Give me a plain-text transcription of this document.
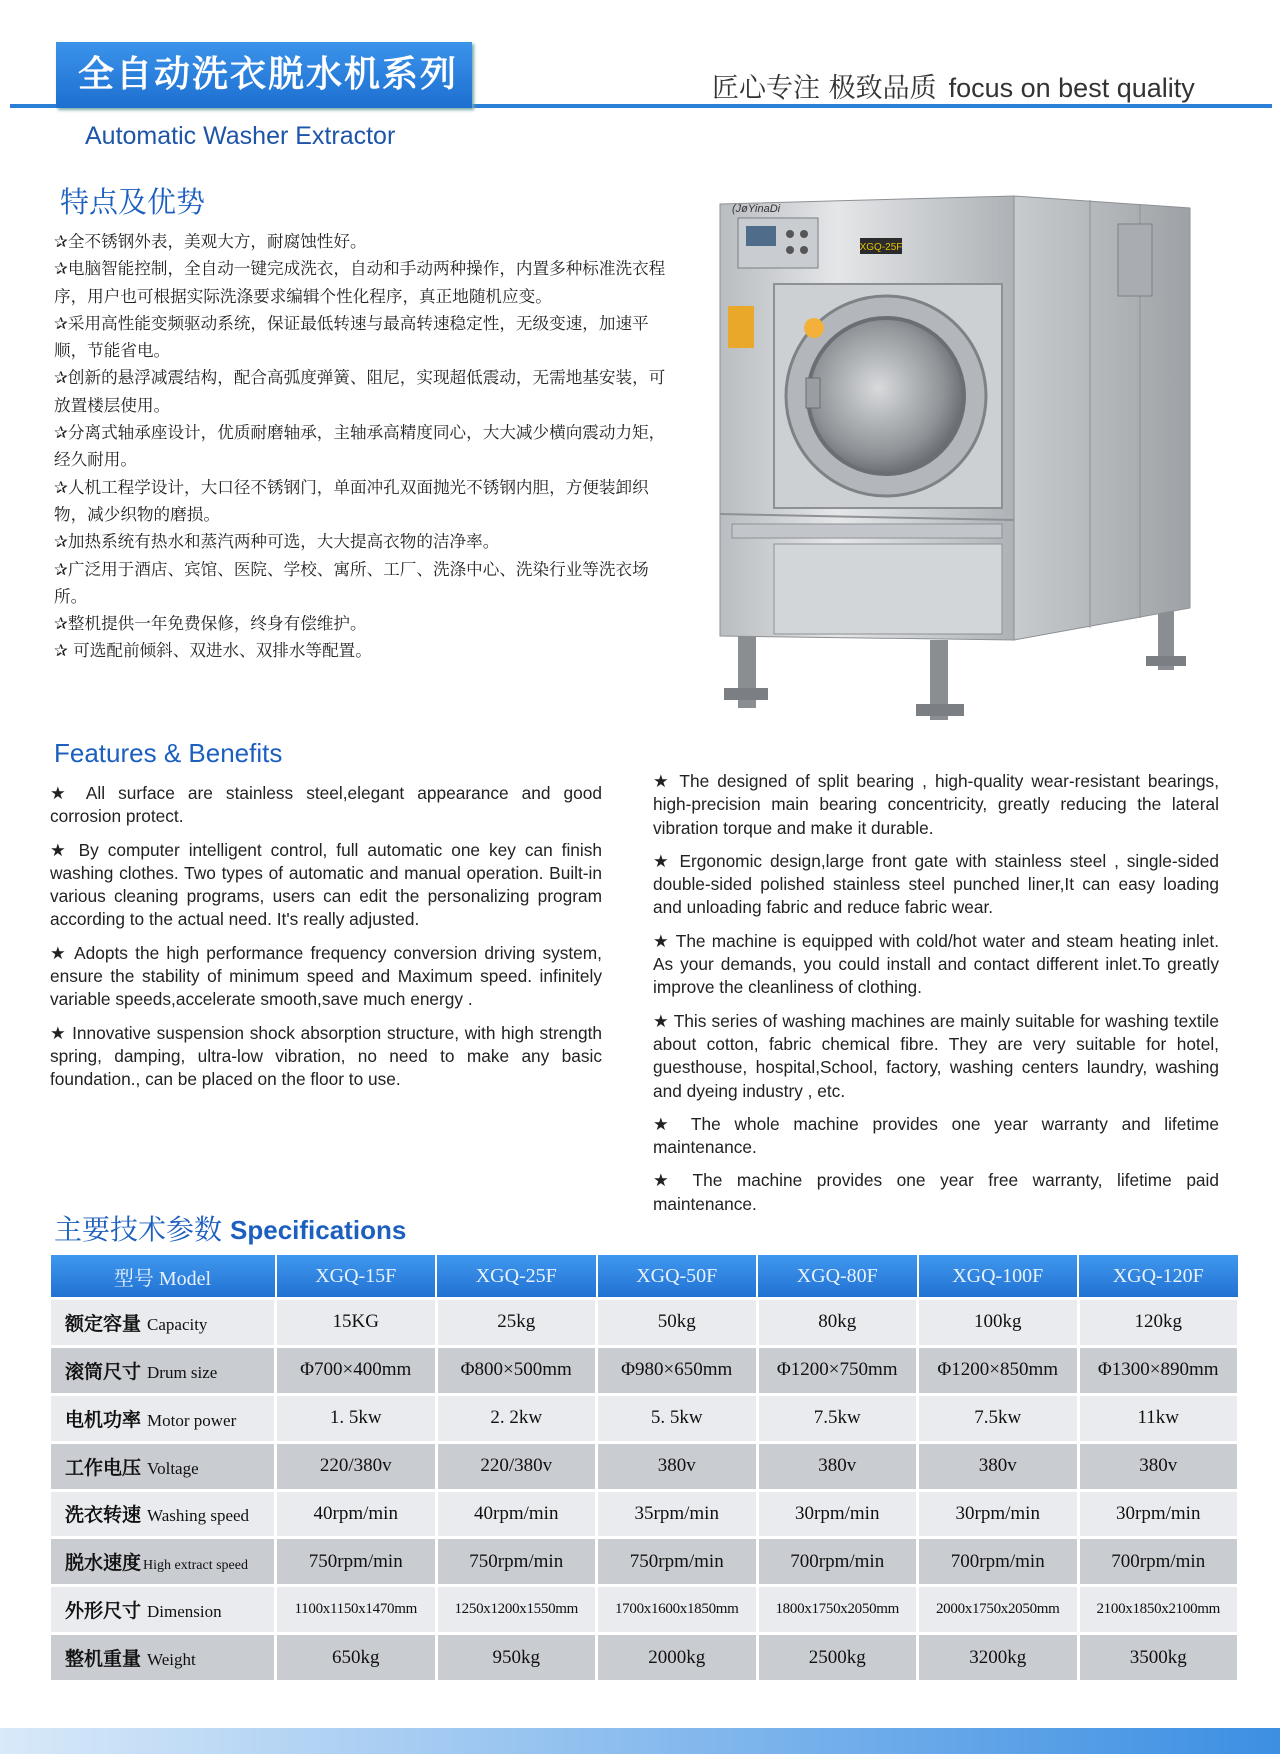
全自动洗衣脱水机系列
Automatic Washer Extractor
匠心专注 极致品质 focus on best quality
特点及优势

✰全不锈钢外表，美观大方，耐腐蚀性好。

✰电脑智能控制，全自动一键完成洗衣，自动和手动两种操作，内置多种标准洗衣程序，用户也可根据实际洗涤要求编辑个性化程序，真正地随机应变。

✰采用高性能变频驱动系统，保证最低转速与最高转速稳定性，无级变速，加速平顺，节能省电。

✰创新的悬浮减震结构，配合高弧度弹簧、阻尼，实现超低震动，无需地基安装，可放置楼层使用。

✰分离式轴承座设计，优质耐磨轴承，主轴承高精度同心，大大减少横向震动力矩，经久耐用。

✰人机工程学设计，大口径不锈钢门，单面冲孔双面抛光不锈钢内胆，方便装卸织物，减少织物的磨损。

✰加热系统有热水和蒸汽两种可选，大大提高衣物的洁净率。

✰广泛用于酒店、宾馆、医院、学校、寓所、工厂、洗涤中心、洗染行业等洗衣场所。

✰整机提供一年免费保修，终身有偿维护。

✰ 可选配前倾斜、双进水、双排水等配置。

XGQ-25F
(JøYinaDi
Features & Benefits

★ All surface are stainless steel,elegant appearance and good corrosion protect.

★ By computer intelligent control, full automatic one key can finish washing clothes. Two types of automatic and manual operation. Built-in various cleaning programs, users can edit the personalizing program according to the actual need. It's really adjusted.

★ Adopts the high performance frequency conversion driving system, ensure the stability of minimum speed and Maximum speed. infinitely variable speeds,accelerate smooth,save much energy .

★ Innovative suspension shock absorption structure, with high strength spring, damping, ultra-low vibration, no need to make any basic foundation., can be placed on the floor to use.

★ The designed of split bearing , high-quality wear-resistant bearings, high-precision main bearing concentricity, greatly reducing the lateral vibration torque and make it durable.

★ Ergonomic design,large front gate with stainless steel , single-sided double-sided polished stainless steel punched liner,It can easy loading and unloading fabric and reduce fabric wear.

★ The machine is equipped with cold/hot water and steam heating inlet. As your demands, you could install and contact different inlet.To greatly improve the cleanliness of clothing.

★ This series of washing machines are mainly suitable for washing textile about cotton, fabric chemical fibre. They are very suitable for hotel, guesthouse, hospital,School, factory, washing centers laundry, washing and dyeing industry , etc.

★ The whole machine provides one year warranty and lifetime maintenance.

★ The machine provides one year free warranty, lifetime paid maintenance.

主要技术参数 Specifications
型号 Model	XGQ-15F	XGQ-25F	XGQ-50F	XGQ-80F	XGQ-100F	XGQ-120F
额定容量 Capacity	15KG	25kg	50kg	80kg	100kg	120kg
滚筒尺寸 Drum size	Φ700×400mm	Φ800×500mm	Φ980×650mm	Φ1200×750mm	Φ1200×850mm	Φ1300×890mm
电机功率 Motor power	1. 5kw	2. 2kw	5. 5kw	7.5kw	7.5kw	11kw
工作电压 Voltage	220/380v	220/380v	380v	380v	380v	380v
洗衣转速 Washing speed	40rpm/min	40rpm/min	35rpm/min	30rpm/min	30rpm/min	30rpm/min
脱水速度 High extract speed	750rpm/min	750rpm/min	750rpm/min	700rpm/min	700rpm/min	700rpm/min
外形尺寸 Dimension	1100x1150x1470mm	1250x1200x1550mm	1700x1600x1850mm	1800x1750x2050mm	2000x1750x2050mm	2100x1850x2100mm
整机重量 Weight	650kg	950kg	2000kg	2500kg	3200kg	3500kg
